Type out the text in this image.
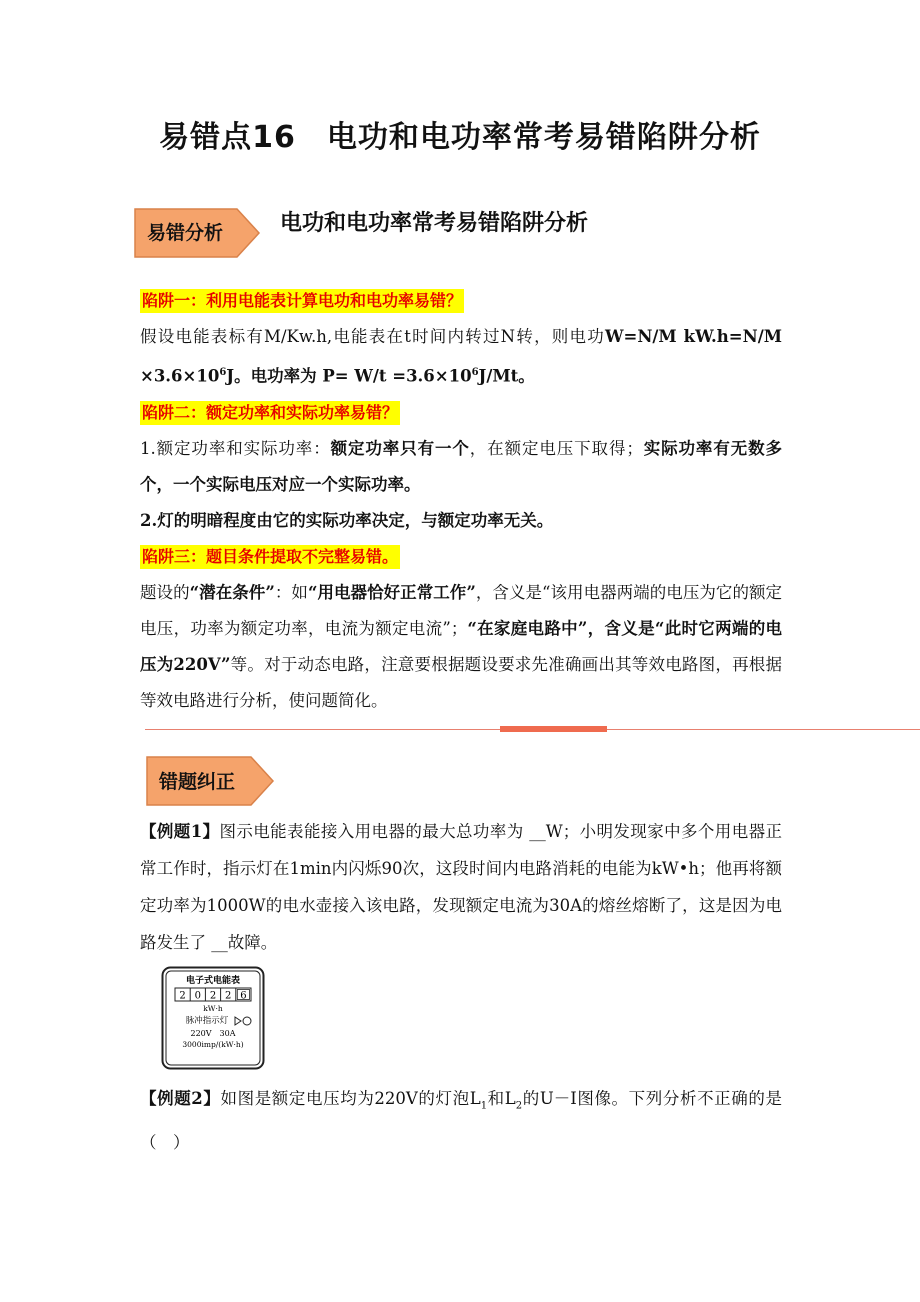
易错点16　电功和电功率常考易错陷阱分析
易错分析	电功和电功率常考易错陷阱分析
陷阱一：利用电能表计算电功和电功率易错？

假设电能表标有M/Kw.h,电能表在t时间内转过N转，则电功W=N/M $kW.h=N/M \times 3.6\times 10^6J$。电功率为 $P= W/t =3.6\times 10^6J/Mt$。

陷阱二：额定功率和实际功率易错？

1.额定功率和实际功率：额定功率只有一个，在额定电压下取得；实际功率有无数多个，一个实际电压对应一个实际功率。

2.灯的明暗程度由它的实际功率决定，与额定功率无关。

陷阱三：题目条件提取不完整易错。

题设的“潜在条件”：如“用电器恰好正常工作”，含义是“该用电器两端的电压为它的额定电压，功率为额定功率，电流为额定电流”；“在家庭电路中”，含义是“此时它两端的电压为220V”等。对于动态电路，注意要根据题设要求先准确画出其等效电路图，再根据等效电路进行分析，使问题简化。

错题纠正
【例题1】图示电能表能接入用电器的最大总功率为 __W；小明发现家中多个用电器正常工作时，指示灯在1min内闪烁90次，这段时间内电路消耗的电能为kW•h；他再将额定功率为1000W的电水壶接入该电路，发现额定电流为30A的熔丝熔断了，这是因为电路发生了 __故障。
电子式电能表
2 0 2 2 6
kW·h
脉冲指示灯
220V　30A
3000imp/(kW·h)
【例题2】如图是额定电压均为220V的灯泡$L_1$和$L_2$的U－I图像。下列分析不正确的是（　）
